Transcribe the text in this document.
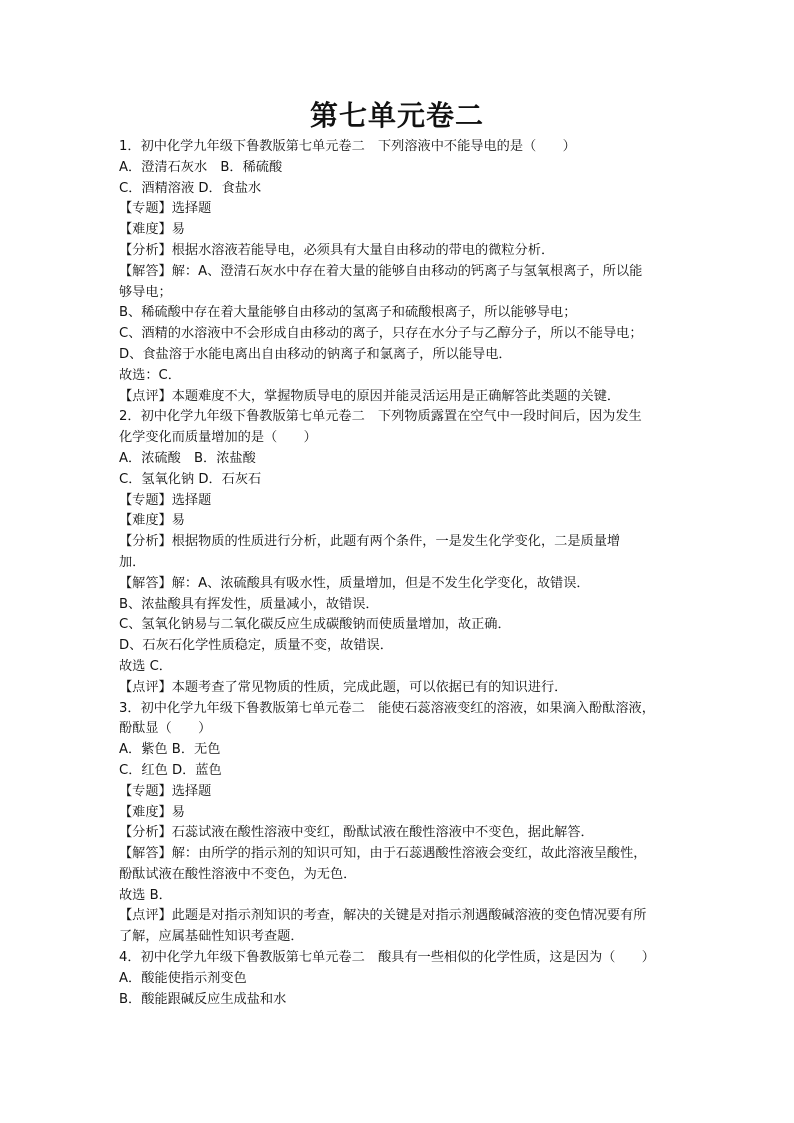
第七单元卷二
1．初中化学九年级下鲁教版第七单元卷二　下列溶液中不能导电的是（　　）
A．澄清石灰水　B．稀硫酸
C．酒精溶液 D．食盐水
【专题】选择题
【难度】易
【分析】根据水溶液若能导电，必须具有大量自由移动的带电的微粒分析．
【解答】解：A、澄清石灰水中存在着大量的能够自由移动的钙离子与氢氧根离子，所以能
够导电；
B、稀硫酸中存在着大量能够自由移动的氢离子和硫酸根离子，所以能够导电；
C、酒精的水溶液中不会形成自由移动的离子，只存在水分子与乙醇分子，所以不能导电；
D、食盐溶于水能电离出自由移动的钠离子和氯离子，所以能导电．
故选：C．
【点评】本题难度不大，掌握物质导电的原因并能灵活运用是正确解答此类题的关键．
2．初中化学九年级下鲁教版第七单元卷二　下列物质露置在空气中一段时间后，因为发生
化学变化而质量增加的是（　　）
A．浓硫酸　B．浓盐酸
C．氢氧化钠 D．石灰石
【专题】选择题
【难度】易
【分析】根据物质的性质进行分析，此题有两个条件，一是发生化学变化，二是质量增
加．
【解答】解：A、浓硫酸具有吸水性，质量增加，但是不发生化学变化，故错误．
B、浓盐酸具有挥发性，质量减小，故错误．
C、氢氧化钠易与二氧化碳反应生成碳酸钠而使质量增加，故正确．
D、石灰石化学性质稳定，质量不变，故错误．
故选 C．
【点评】本题考查了常见物质的性质，完成此题，可以依据已有的知识进行．
3．初中化学九年级下鲁教版第七单元卷二　能使石蕊溶液变红的溶液，如果滴入酚酞溶液，
酚酞显（　　）
A．紫色 B．无色
C．红色 D．蓝色
【专题】选择题
【难度】易
【分析】石蕊试液在酸性溶液中变红，酚酞试液在酸性溶液中不变色，据此解答．
【解答】解：由所学的指示剂的知识可知，由于石蕊遇酸性溶液会变红，故此溶液呈酸性，
酚酞试液在酸性溶液中不变色，为无色．
故选 B．
【点评】此题是对指示剂知识的考查，解决的关键是对指示剂遇酸碱溶液的变色情况要有所
了解，应属基础性知识考查题．
4．初中化学九年级下鲁教版第七单元卷二　酸具有一些相似的化学性质，这是因为（　　）
A．酸能使指示剂变色
B．酸能跟碱反应生成盐和水
